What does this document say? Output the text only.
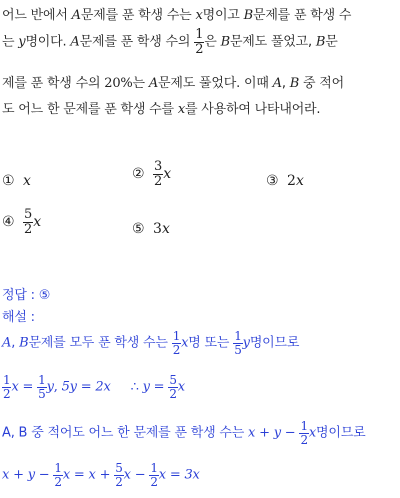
어느 반에서 A문제를 푼 학생 수는 x명이고 B문제를 푼 학생 수
는 y명이다. A문제를 푼 학생 수의 $\frac{1}{2}$ 은 B문제도 풀었고, B문
제를 푼 학생 수의 20%는 A문제도 풀었다. 이때 A, B 중 적어
도 어느 한 문제를 푼 학생 수를 x를 사용하여 나타내어라.
① x	② $\frac{3}{2}$ x	③ 2x
④ $\frac{5}{2}$ x	⑤ 3x
정답 : ⑤
해설 :
A, B문제를 모두 푼 학생 수는 $\frac{1}{2}$ x명 또는 $\frac{1}{5}$ y명이므로
$\frac{1}{2}$ $x = \frac{1}{5} y$, 5y = 2x ∴ $y = \frac{5}{2}$ x
A, B 중 적어도 어느 한 문제를 푼 학생 수는 $x + y - \frac{1}{2}$ x명이므로
$x + y - \frac{1}{2}$ $x = x + \frac{5}{2}$ $x - \frac{1}{2}$ x = 3x
